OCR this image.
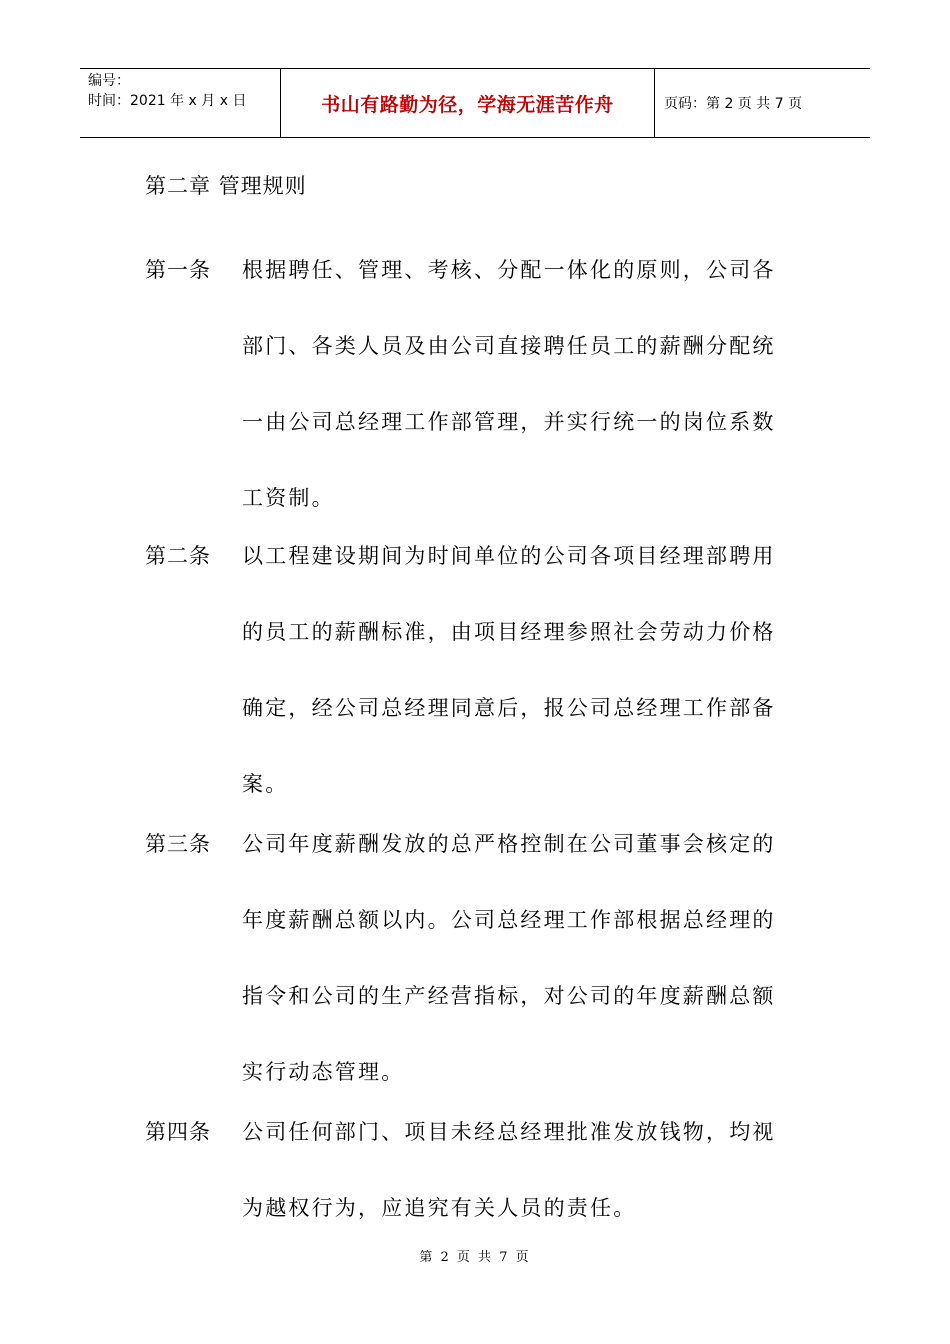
编号：
时间：2021 年 x 月 x 日	书山有路勤为径，学海无涯苦作舟	页码：第 2 页 共 7 页
第二章 管理规则
第一条 根据聘任、管理、考核、分配一体化的原则，公司各
部门、各类人员及由公司直接聘任员工的薪酬分配统
一由公司总经理工作部管理，并实行统一的岗位系数
工资制。
第二条 以工程建设期间为时间单位的公司各项目经理部聘用
的员工的薪酬标准，由项目经理参照社会劳动力价格
确定，经公司总经理同意后，报公司总经理工作部备
案。
第三条 公司年度薪酬发放的总严格控制在公司董事会核定的
年度薪酬总额以内。公司总经理工作部根据总经理的
指令和公司的生产经营指标，对公司的年度薪酬总额
实行动态管理。
第四条 公司任何部门、项目未经总经理批准发放钱物，均视
为越权行为，应追究有关人员的责任。
第 2 页 共 7 页
